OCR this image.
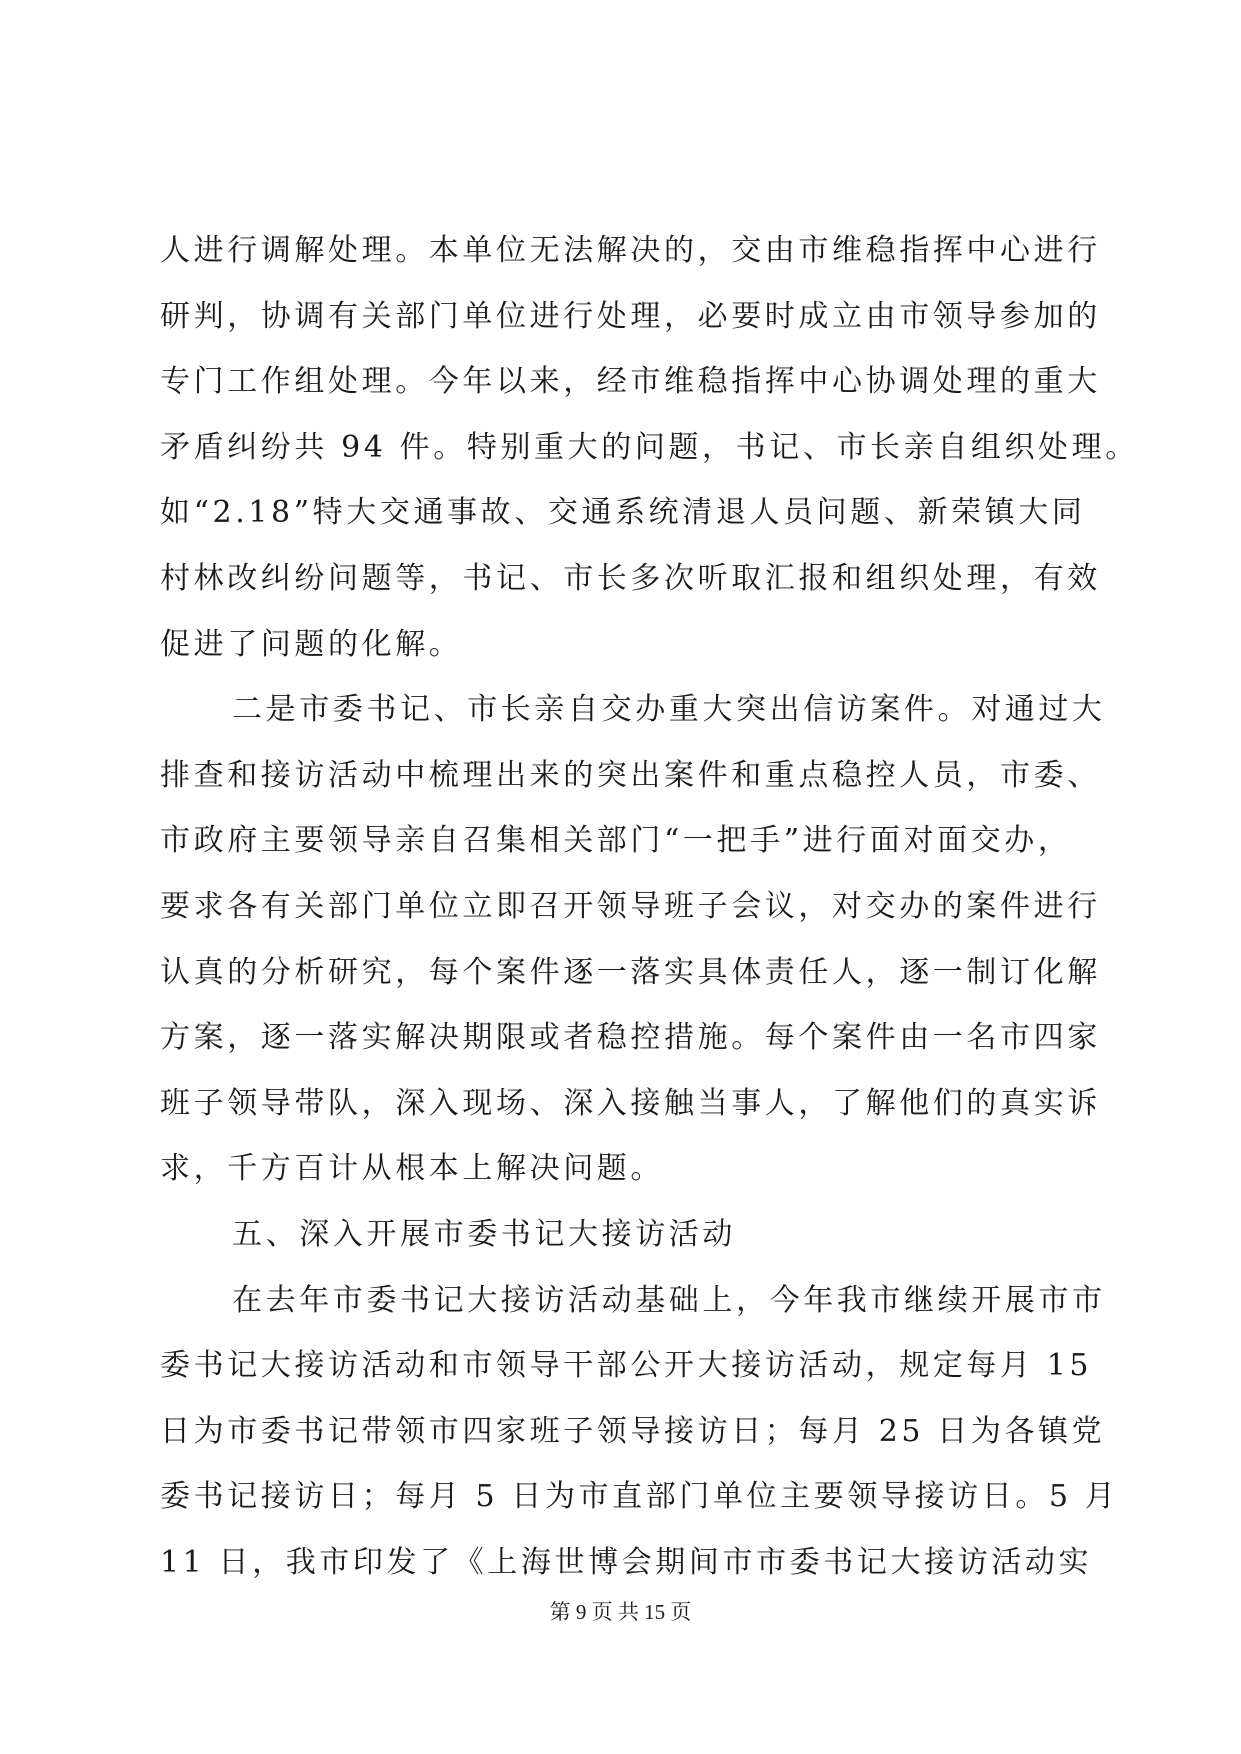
人进行调解处理。本单位无法解决的，交由市维稳指挥中心进行
研判，协调有关部门单位进行处理，必要时成立由市领导参加的
专门工作组处理。今年以来，经市维稳指挥中心协调处理的重大
矛盾纠纷共 94 件。特别重大的问题，书记、市长亲自组织处理。
如“2.18”特大交通事故、交通系统清退人员问题、新荣镇大同
村林改纠纷问题等，书记、市长多次听取汇报和组织处理，有效
促进了问题的化解。
二是市委书记、市长亲自交办重大突出信访案件。对通过大
排查和接访活动中梳理出来的突出案件和重点稳控人员，市委、
市政府主要领导亲自召集相关部门“一把手”进行面对面交办，
要求各有关部门单位立即召开领导班子会议，对交办的案件进行
认真的分析研究，每个案件逐一落实具体责任人，逐一制订化解
方案，逐一落实解决期限或者稳控措施。每个案件由一名市四家
班子领导带队，深入现场、深入接触当事人，了解他们的真实诉
求，千方百计从根本上解决问题。
五、深入开展市委书记大接访活动
在去年市委书记大接访活动基础上，今年我市继续开展市市
委书记大接访活动和市领导干部公开大接访活动，规定每月 15
日为市委书记带领市四家班子领导接访日；每月 25 日为各镇党
委书记接访日；每月 5 日为市直部门单位主要领导接访日。5 月
11 日，我市印发了《上海世博会期间市市委书记大接访活动实
第 9 页 共 15 页
